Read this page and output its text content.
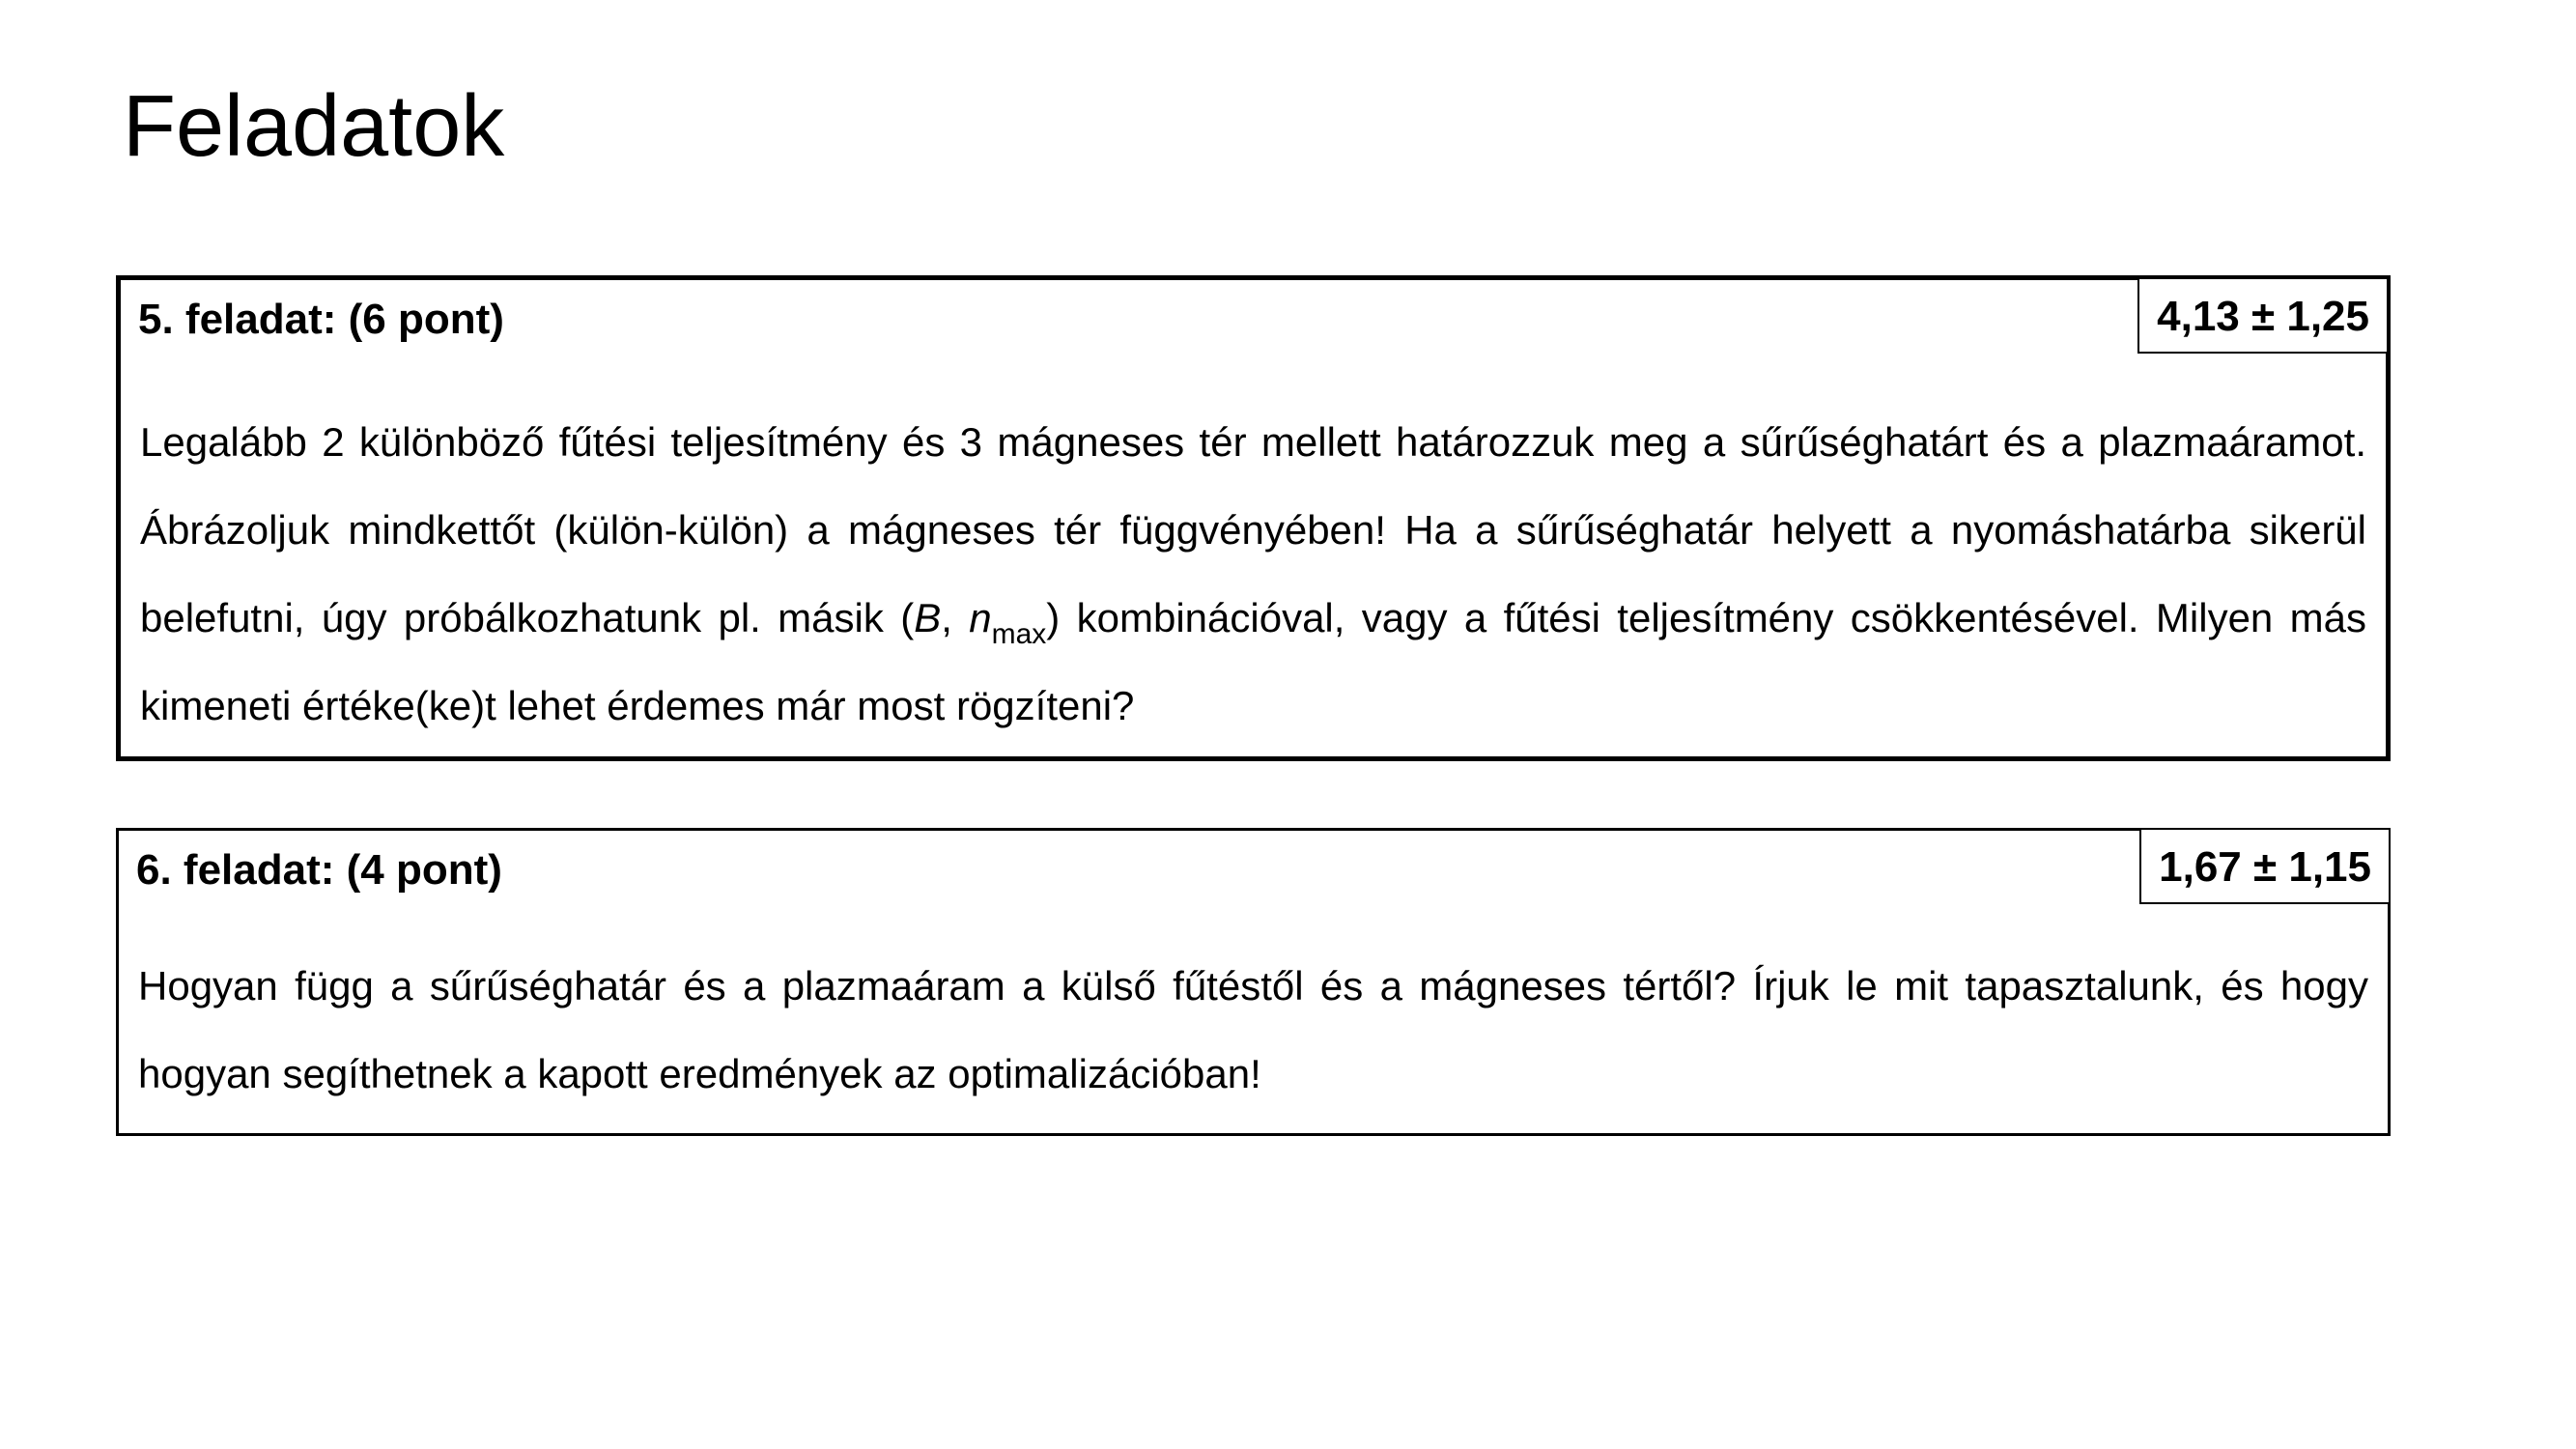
Feladatok
5. feladat: (6 pont)	4,13 ± 1,25

Legalább 2 különböző fűtési teljesítmény és 3 mágneses tér mellett határozzuk meg a sűrűséghatárt és a plazmaáramot. Ábrázoljuk mindkettőt (külön-külön) a mágneses tér függvényében! Ha a sűrűséghatár helyett a nyomáshatárba sikerül belefutni, úgy próbálkozhatunk pl. másik (B, $n_{max}$) kombinációval, vagy a fűtési teljesítmény csökkentésével. Milyen más kimeneti értéke(ke)t lehet érdemes már most rögzíteni?

6. feladat: (4 pont)	1,67 ± 1,15

Hogyan függ a sűrűséghatár és a plazmaáram a külső fűtéstől és a mágneses tértől? Írjuk le mit tapasztalunk, és hogy hogyan segíthetnek a kapott eredmények az optimalizációban!
